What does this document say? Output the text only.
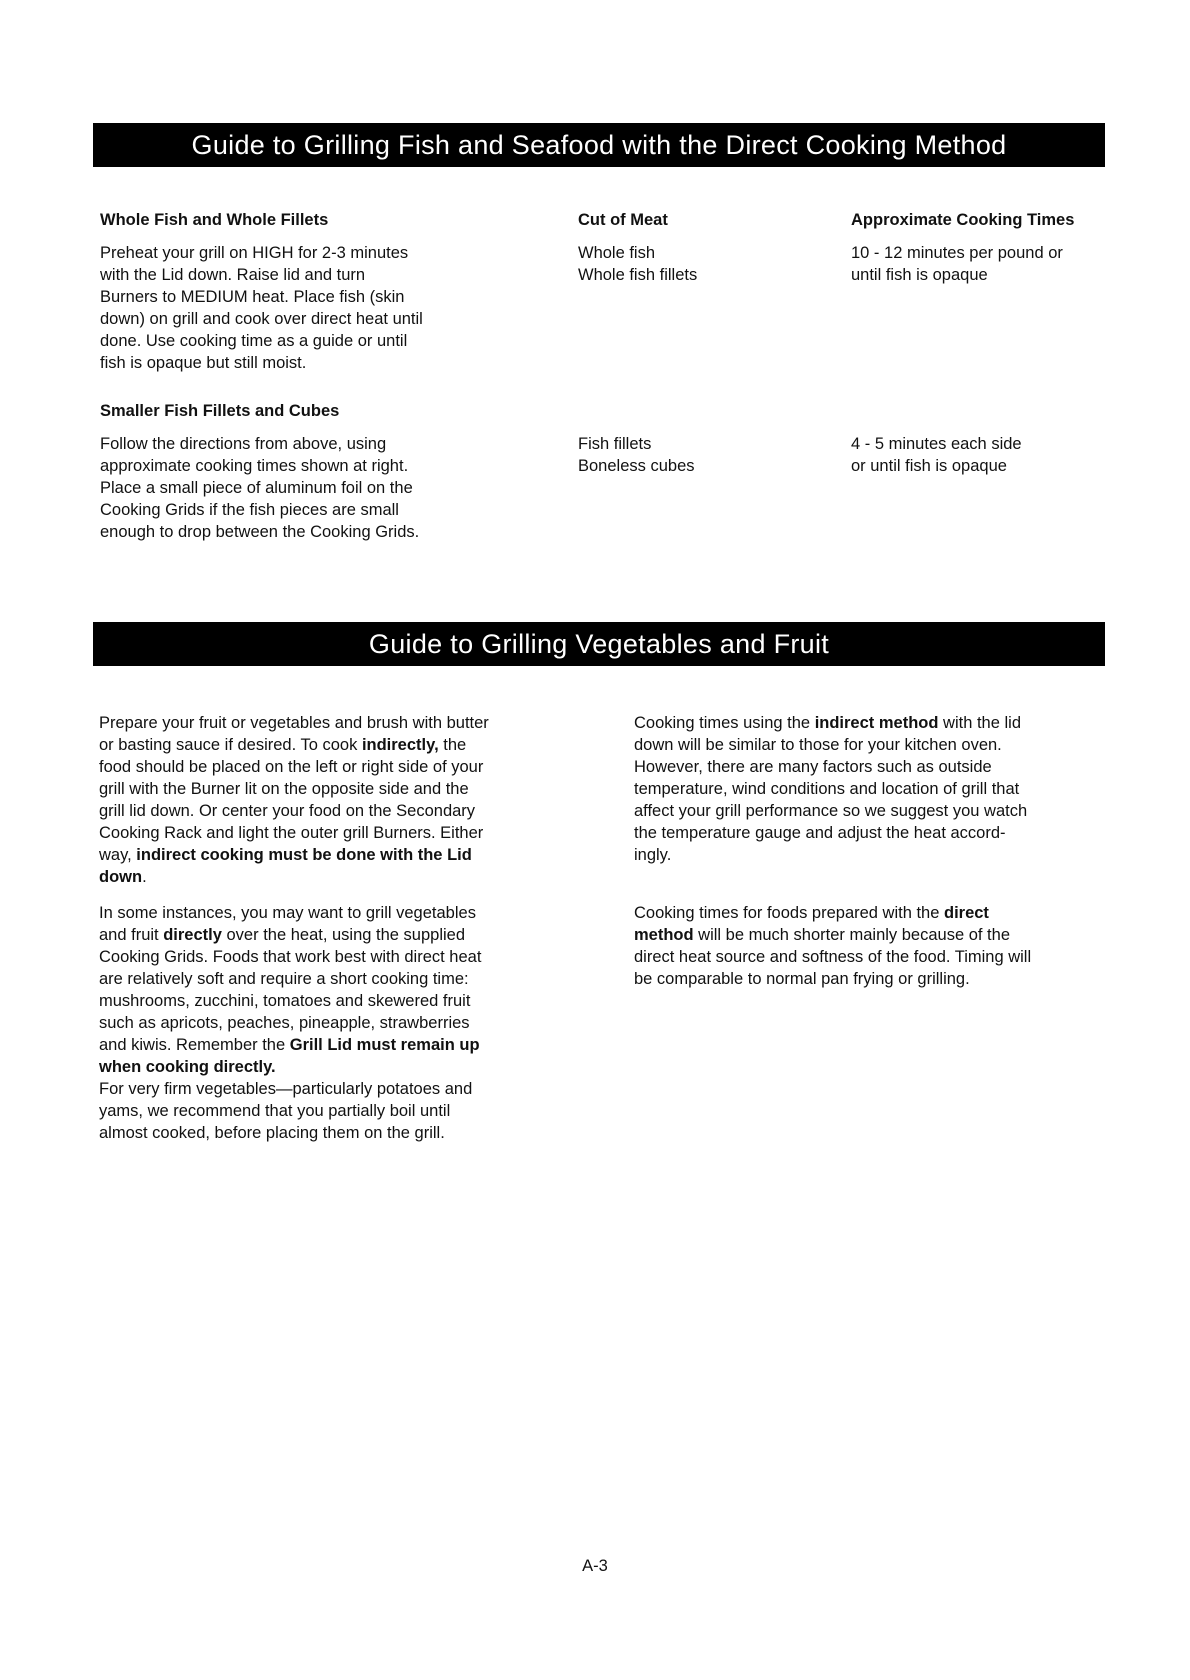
Guide to Grilling Fish and Seafood with the Direct Cooking Method
Whole Fish and Whole Fillets	Cut of Meat	Approximate Cooking Times
Preheat your grill on HIGH for 2-3 minutes
with the Lid down. Raise lid and turn
Burners to MEDIUM heat. Place fish (skin
down) on grill and cook over direct heat until
done. Use cooking time as a guide or until
fish is opaque but still moist.
Whole fish
Whole fish fillets
10 - 12 minutes per pound or
until fish is opaque
Smaller Fish Fillets and Cubes
Follow the directions from above, using
approximate cooking times shown at right.
Place a small piece of aluminum foil on the
Cooking Grids if the fish pieces are small
enough to drop between the Cooking Grids.
Fish fillets
Boneless cubes
4 - 5 minutes each side
or until fish is opaque
Guide to Grilling Vegetables and Fruit
Prepare your fruit or vegetables and brush with butter
or basting sauce if desired. To cook indirectly, the
food should be placed on the left or right side of your
grill with the Burner lit on the opposite side and the
grill lid down. Or center your food on the Secondary
Cooking Rack and light the outer grill Burners. Either
way, indirect cooking must be done with the Lid
down.
In some instances, you may want to grill vegetables
and fruit directly over the heat, using the supplied
Cooking Grids. Foods that work best with direct heat
are relatively soft and require a short cooking time:
mushrooms, zucchini, tomatoes and skewered fruit
such as apricots, peaches, pineapple, strawberries
and kiwis. Remember the Grill Lid must remain up
when cooking directly.
For very firm vegetables—particularly potatoes and
yams, we recommend that you partially boil until
almost cooked, before placing them on the grill.
Cooking times using the indirect method with the lid
down will be similar to those for your kitchen oven.
However, there are many factors such as outside
temperature, wind conditions and location of grill that
affect your grill performance so we suggest you watch
the temperature gauge and adjust the heat accord-
ingly.
Cooking times for foods prepared with the direct
method will be much shorter mainly because of the
direct heat source and softness of the food. Timing will
be comparable to normal pan frying or grilling.
A-3
